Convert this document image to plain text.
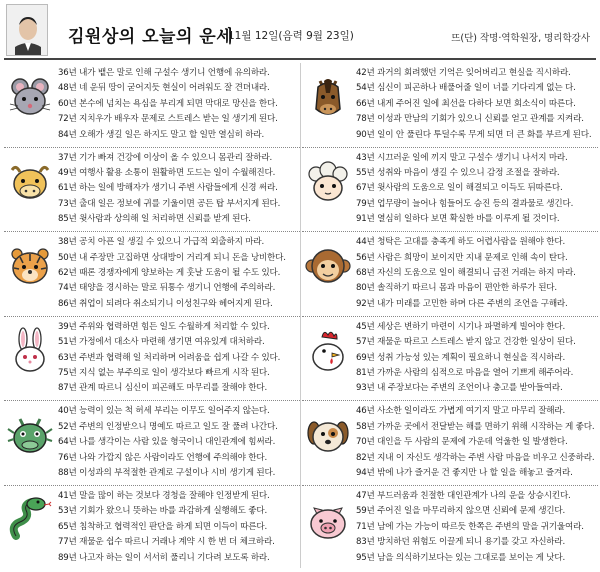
김원상의 오늘의 운세
11월 12일(음력 9월 23일)	뜨(단) 작명·역학원장, 명리학강사
36년 내가 뱉은 말로 인해 구설수 생기니 언행에 유의하라.
48년 네 운뒤 땅이 굳어지듯 현실이 어려워도 잘 견뎌내라.
60년 본수에 넘치는 욕심을 부리게 되면 막대로 망신을 한다.
72년 지치우가 배우자 문제로 스트레스 받는 일 생기게 된다.
84년 오해가 생길 일은 하지도 말고 할 일만 열심히 하라.
37년 기가 빠져 건강에 이상이 올 수 있으니 몸관리 잘하라.
49년 여행사 활용 소통이 원활하면 도드는 일이 수월해진다.
61년 하는 일에 방해자가 생기니 주변 사람들에게 신경 써라.
73년 출대 일은 정보에 귀를 기울이면 공든 탑 부서지게 된다.
85년 윗사람과 상의해 일 처리하면 신뢰를 받게 된다.
38년 공치 아픈 일 생길 수 있으니 가급적 외출하지 마라.
50년 내 주장만 고집하면 상대방이 거리게 되니 돈을 낭비한다.
62년 때론 경쟁자에게 양보하는 게 훗날 도움이 될 수도 있다.
74년 태양을 경시하는 말로 뒤통수 생기니 언행에 주의하라.
86년 취업이 되려다 취소되기니 이성친구와 헤어지게 된다.
39년 주위와 협력하면 힘든 일도 수월하게 처리할 수 있다.
51년 가정에서 대소사 마련해 생기면 여유있게 대처하라.
63년 주변과 협력해 일 처리하며 어려움을 쉽게 나갈 수 있다.
75년 지식 없는 부주의로 일이 생각보다 빠르게 시작 된다.
87년 관계 따르니 심신이 피곤해도 마무리를 잘해야 한다.
40년 능력이 있는 척 허세 부리는 이무도 일어주지 않는다.
52년 주변의 인정받으니 명예도 따르고 일도 잘 풀려 나간다.
64년 나를 생각이는 사람 있을 형국이니 대인관계에 힘써라.
76년 나와 가깝지 않은 사람이라도 언행에 주의해야 한다.
88년 이성과의 부적절한 관계로 구설이나 시비 생기게 된다.
41년 말을 많이 하는 것보다 경청을 잘해야 인정받게 된다.
53년 기회가 왔으니 뜻하는 바를 과감하게 실행해도 좋다.
65년 침착하고 협력적인 판단을 하게 되면 이득이 따른다.
77년 재물운 쉽수 따르니 거래나 계약 시 한 번 더 체크하라.
89년 나고자 하는 일이 서서히 풀리니 기다려 보도록 하라.
42년 과거의 회려했던 기억은 잊어버리고 현실을 직시하라.
54년 심신이 피곤하나 배풀어줄 일이 너를 기다리게 없는 다.
66년 내게 주어진 일에 최선을 다하다 보면 회소식이 따른다.
78년 이성과 만남의 기회가 있으니 신뢰를 얻고 관계를 지켜라.
90년 일이 안 풀린다 투덜수록 무게 되면 더 큰 화를 부르게 된다.
43년 시끄러운 일에 끼지 말고 구설수 생기니 나서지 마라.
55년 성취와 마음이 생길 수 있으니 감정 조절을 잘하라.
67년 윗사람의 도움으로 일이 해결되고 이득도 뒤따른다.
79년 업무량이 늘어나 힘들어도 승진 등의 결과물로 생긴다.
91년 열심히 일하다 보면 확실한 바를 이루게 될 것이다.
44년 청탁은 고대를 충족게 하도 어렵사람을 원해야 한다.
56년 사람은 희망이 보이지만 지내 문제로 인해 속이 탄다.
68년 자신의 도움으로 일이 해결되니 금전 거래는 하지 마라.
80년 솔직하기 따르니 몸과 마음이 편안한 하루가 된다.
92년 내가 미래를 고민한 하며 다른 주변의 조언을 구해라.
45년 세상은 변하기 마련이 시기나 파멸하게 빌어야 한다.
57년 재물운 따르고 스트레스 받지 않고 건강한 일상이 된다.
69년 성취 가능성 있는 계획이 필요하니 현실을 직시하라.
81년 가까운 사람의 심적으로 마음을 열어 기쁘게 해주어라.
93년 내 주장보다는 주변의 조언이나 충고를 받아들여라.
46년 사소한 일이라도 가볍게 여기지 말고 마무리 잘해라.
58년 가까운 곳에서 전달받는 해를 면하기 위해 시작하는 게 좋다.
70년 대인을 두 사람의 문제에 가운데 억울한 일 발생한다.
82년 지내 이 자신도 생각하는 주변 사람 마음을 비우고 신중하라.
94년 밖에 나가 즐거운 건 좋지만 나 할 일을 해놓고 즐겨라.
47년 부드러움과 친절한 대인관계가 나의 운을 상승시킨다.
59년 주어진 일을 마무리하지 않으면 신뢰에 문제 생긴다.
71년 남에 가는 가능이 따르듯 한쪽은 주변의 말을 귀기울여라.
83년 방치하던 위험도 이끌게 되니 용기를 갖고 자신하라.
95년 남을 의식하기보다는 있는 그대로를 보이는 게 낫다.
